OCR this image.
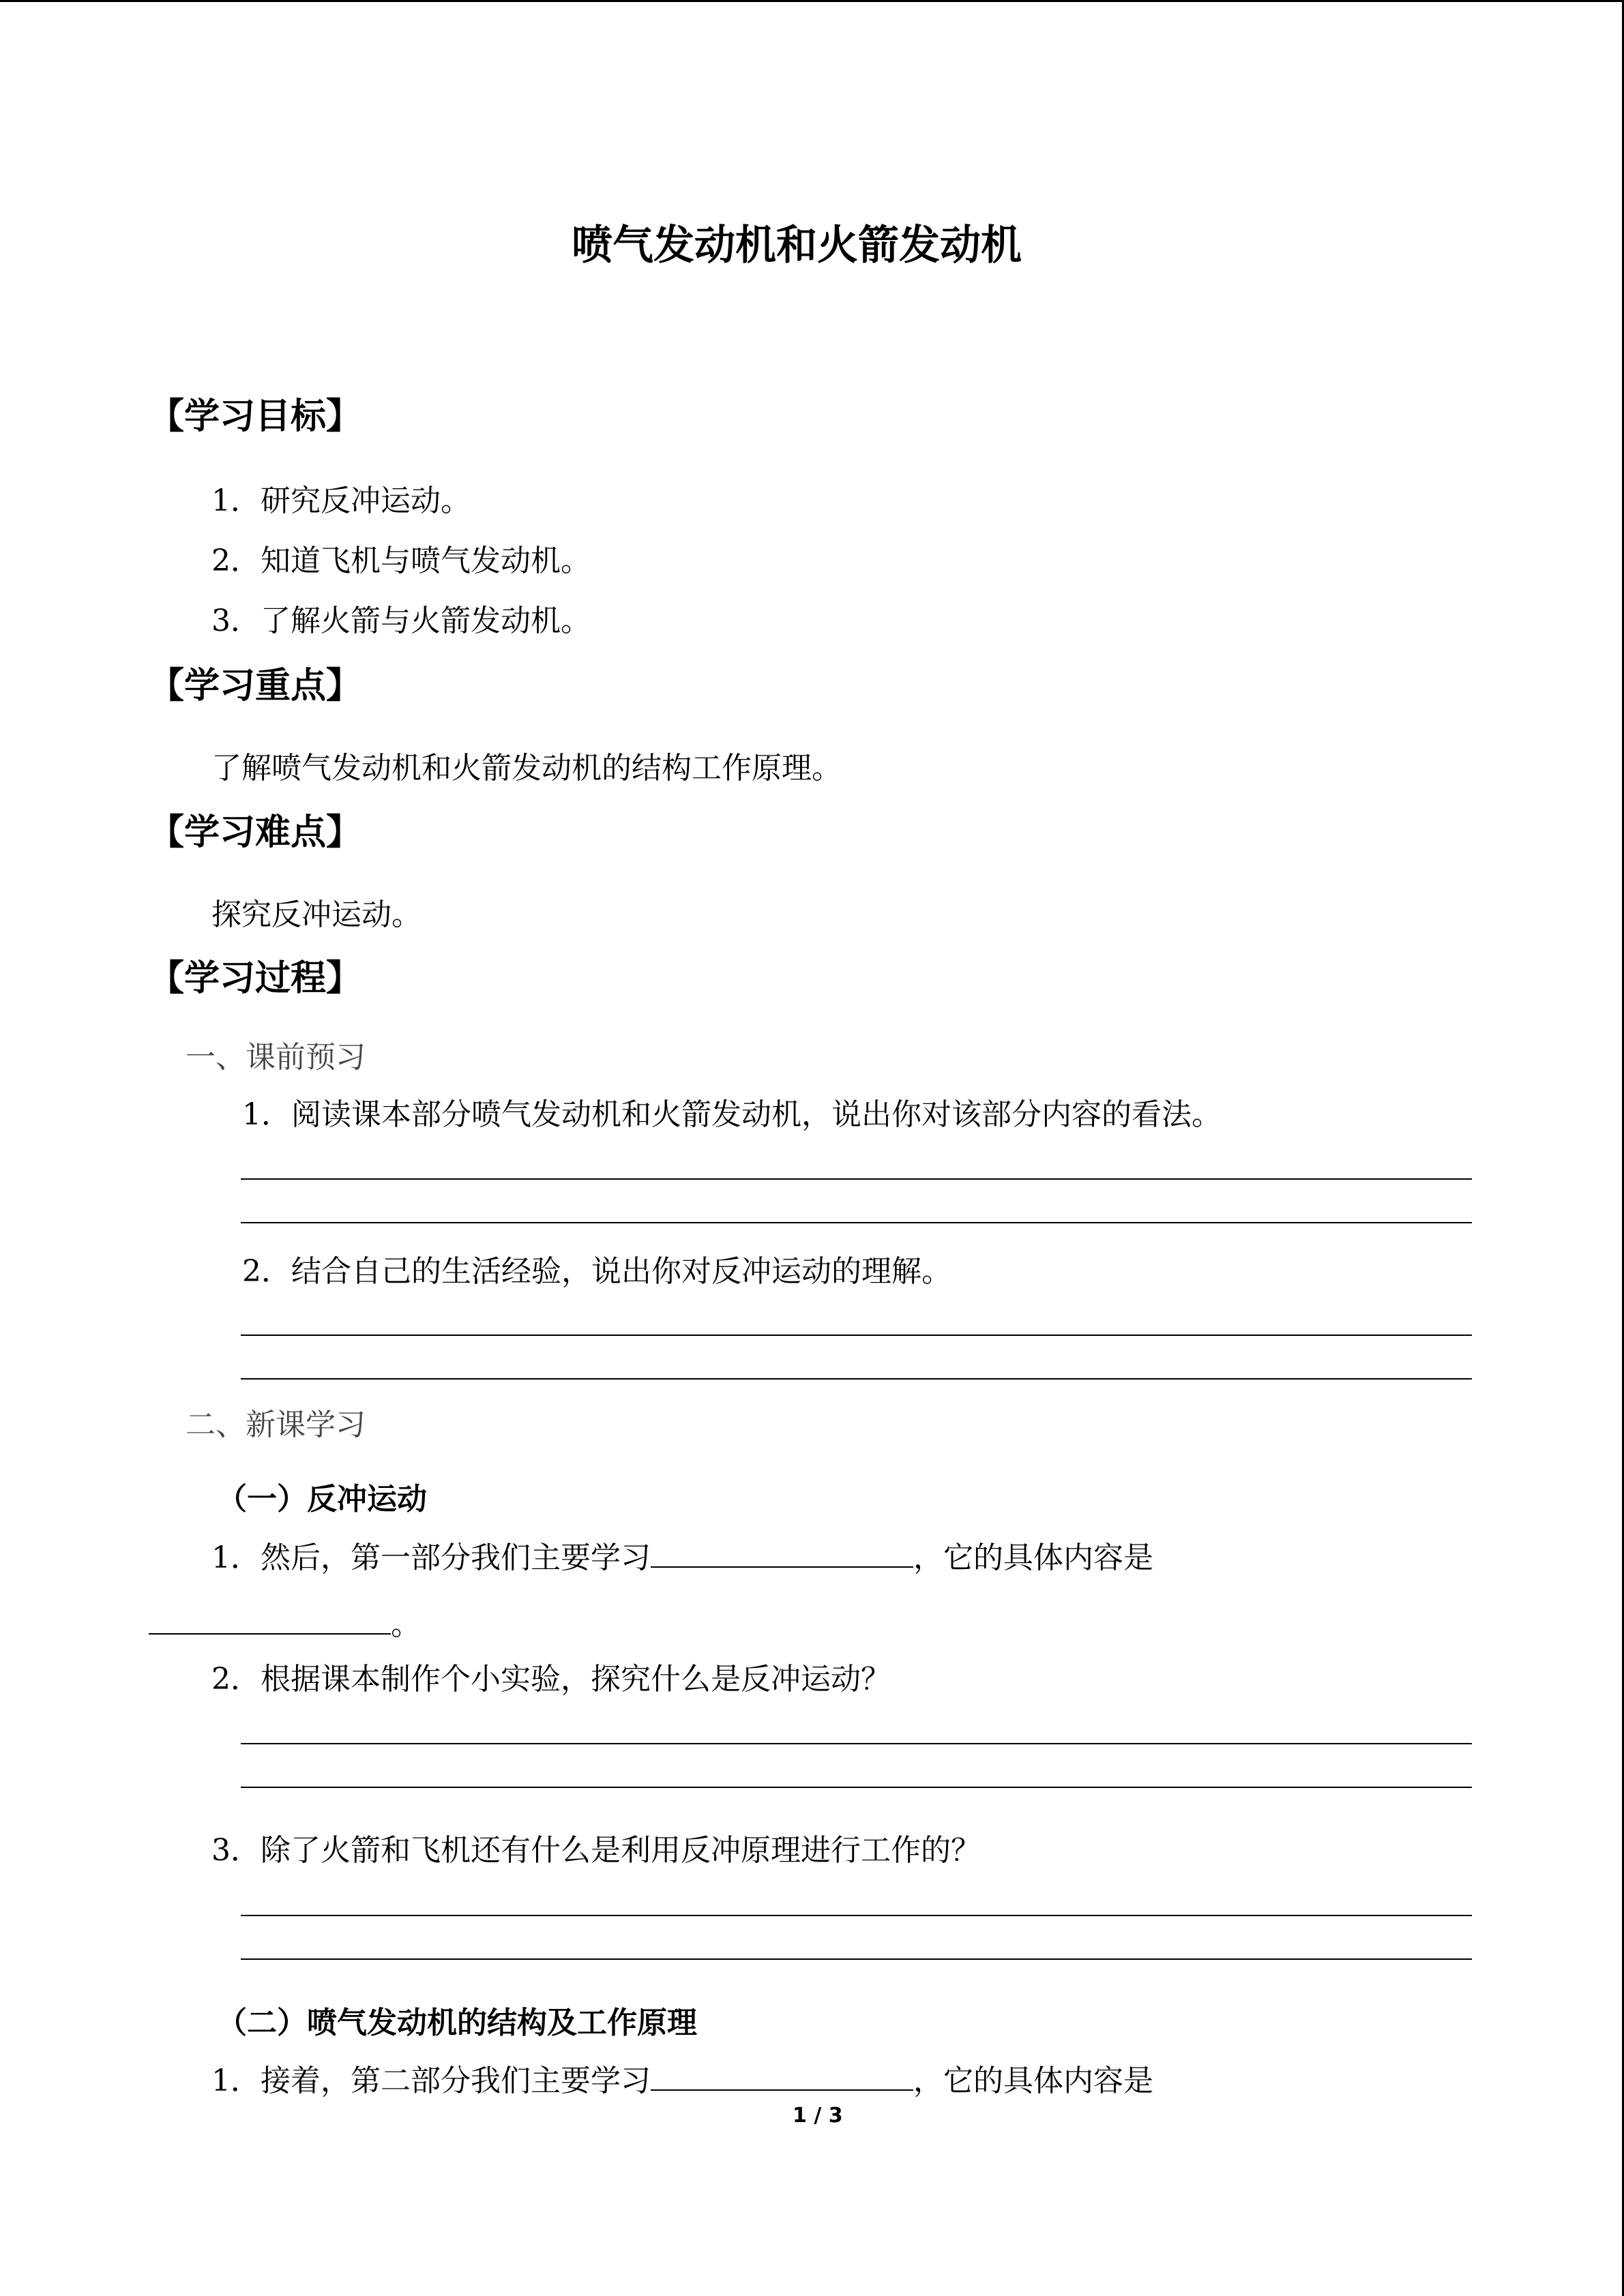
喷气发动机和火箭发动机
【学习目标】
1．研究反冲运动。
2．知道飞机与喷气发动机。
3．了解火箭与火箭发动机。
【学习重点】
了解喷气发动机和火箭发动机的结构工作原理。
【学习难点】
探究反冲运动。
【学习过程】
一、课前预习
1．阅读课本部分喷气发动机和火箭发动机，说出你对该部分内容的看法。
2．结合自己的生活经验，说出你对反冲运动的理解。
二、新课学习
（一）反冲运动
1．然后，第一部分我们主要学习	，它的具体内容是
。
2．根据课本制作个小实验，探究什么是反冲运动？
3．除了火箭和飞机还有什么是利用反冲原理进行工作的？
（二）喷气发动机的结构及工作原理
1．接着，第二部分我们主要学习	，它的具体内容是
1 / 3
